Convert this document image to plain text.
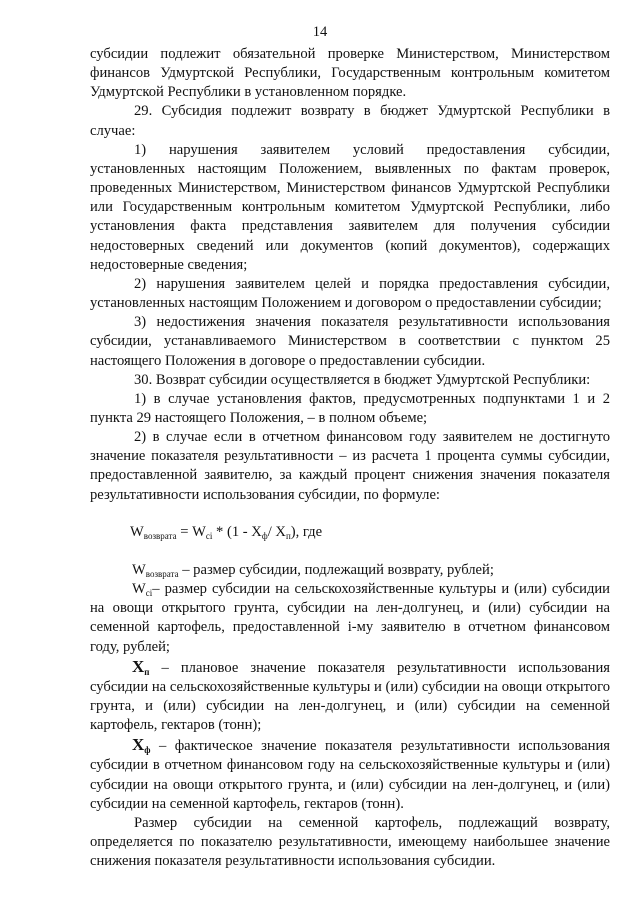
14

субсидии подлежит обязательной проверке Министерством, Министерством финансов Удмуртской Республики, Государственным контрольным комитетом Удмуртской Республики в установленном порядке.

29. Субсидия подлежит возврату в бюджет Удмуртской Республики в случае:

1) нарушения заявителем условий предоставления субсидии, установленных настоящим Положением, выявленных по фактам проверок, проведенных Министерством, Министерством финансов Удмуртской Республики или Государственным контрольным комитетом Удмуртской Республики, либо установления факта представления заявителем для получения субсидии недостоверных сведений или документов (копий документов), содержащих недостоверные сведения;

2) нарушения заявителем целей и порядка предоставления субсидии, установленных настоящим Положением и договором о предоставлении субсидии;

3) недостижения значения показателя результативности использования субсидии, устанавливаемого Министерством в соответствии с пунктом 25 настоящего Положения в договоре о предоставлении субсидии.

30. Возврат субсидии осуществляется в бюджет Удмуртской Республики:

1) в случае установления фактов, предусмотренных подпунктами 1 и 2 пункта 29 настоящего Положения, – в полном объеме;

2) в случае если в отчетном финансовом году заявителем не достигнуто значение показателя результативности – из расчета 1 процента суммы субсидии, предоставленной заявителю, за каждый процент снижения значения показателя результативности использования субсидии, по формуле:

$W_{возврата} = W_{ci} * (1 - X_ф/$ $X_п$), где

$W_{возврата}$ – размер субсидии, подлежащий возврату, рублей;

$W_{ci}-$ размер субсидии на сельскохозяйственные культуры и (или) субсидии на овощи открытого грунта, субсидии на лен-долгунец, и (или) субсидии на семенной картофель, предоставленной i-му заявителю в отчетном финансовом году, рублей;

$X_п$ – плановое значение показателя результативности использования субсидии на сельскохозяйственные культуры и (или) субсидии на овощи открытого грунта, и (или) субсидии на лен-долгунец, и (или) субсидии на семенной картофель, гектаров (тонн);

$X_ф$ – фактическое значение показателя результативности использования субсидии в отчетном финансовом году на сельскохозяйственные культуры и (или) субсидии на овощи открытого грунта, и (или) субсидии на лен-долгунец, и (или) субсидии на семенной картофель, гектаров (тонн).

Размер субсидии на семенной картофель, подлежащий возврату, определяется по показателю результативности, имеющему наибольшее значение снижения показателя результативности использования субсидии.
